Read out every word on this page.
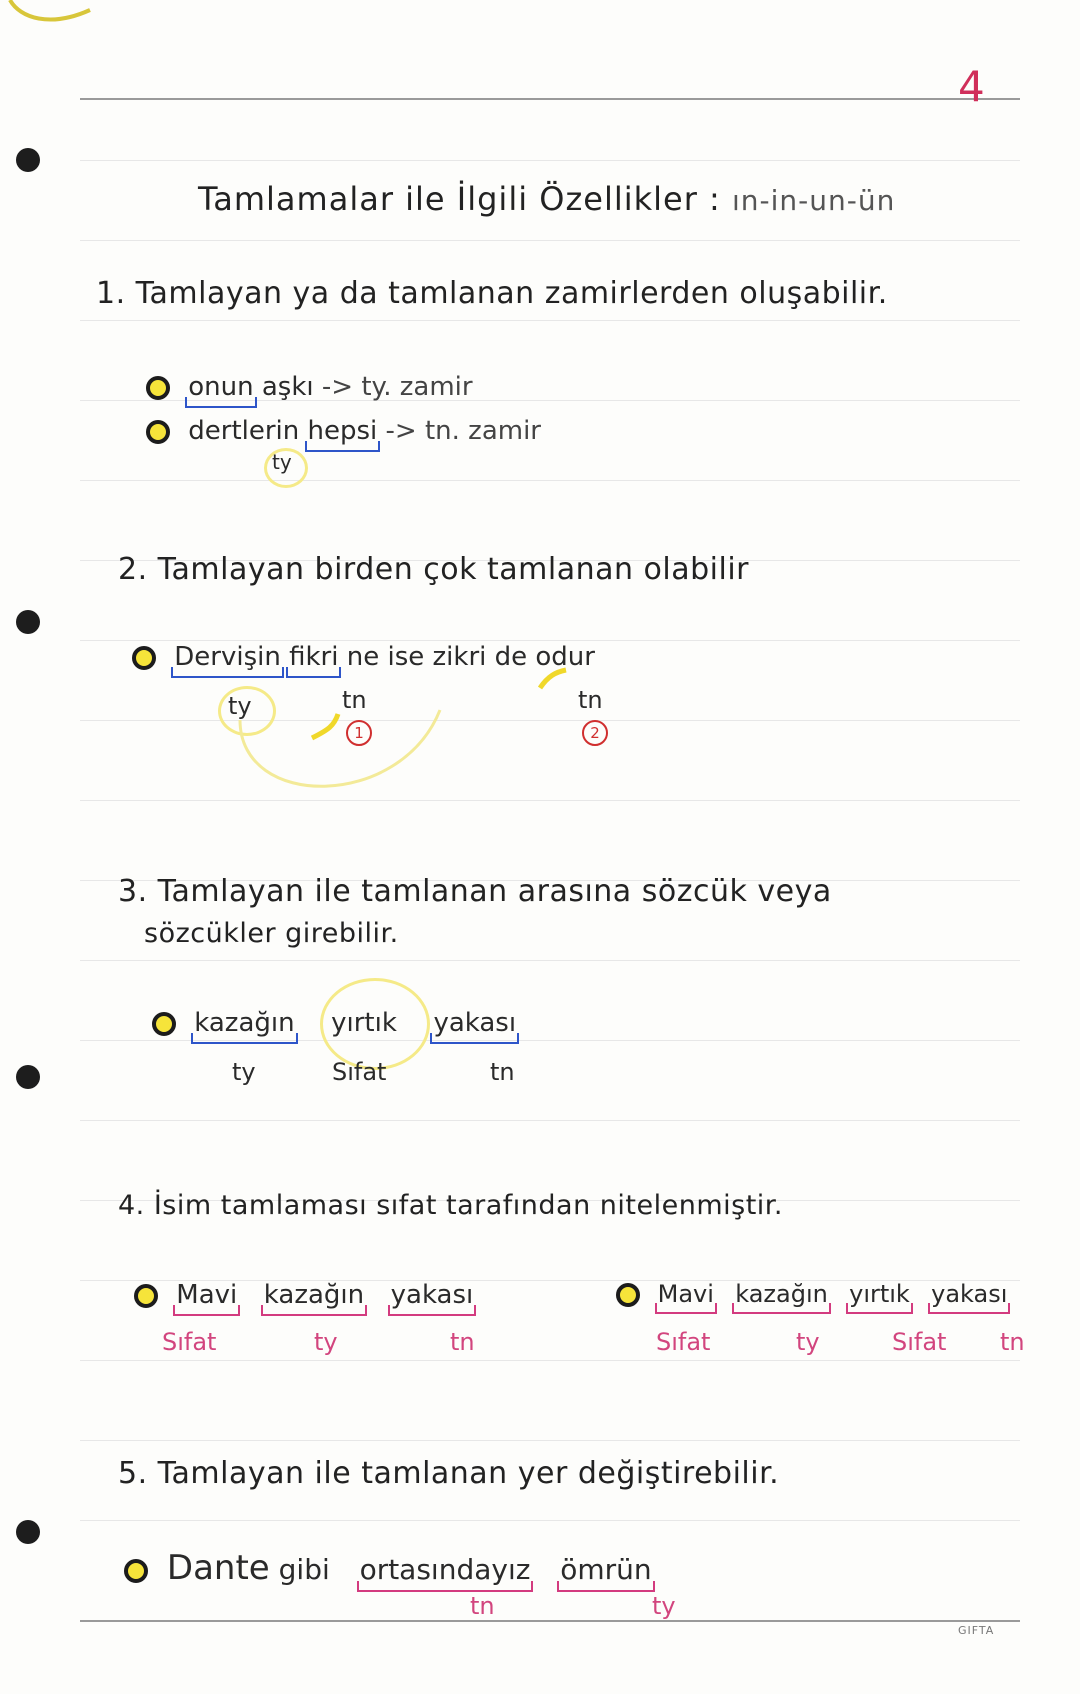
4
Tamlamalar ile İlgili Özellikler : ın-in-un-ün
1. Tamlayan ya da tamlanan zamirlerden oluşabilir.
onun aşkı -> ty. zamir
dertlerin hepsi -> tn. zamir
ty
2. Tamlayan birden çok tamlanan olabilir
Dervişin fikri ne ise zikri de odur
ty	tn
1
tn
2
3. Tamlayan ile tamlanan arasına sözcük veya
sözcükler girebilir.
kazağın yırtık yakası
ty	Sıfat	tn
4. İsim tamlaması sıfat tarafından nitelenmiştir.
Mavi kazağın yakası
Sıfat	ty	tn
Mavi kazağın yırtık yakası
Sıfat	ty	Sıfat tn
5. Tamlayan ile tamlanan yer değiştirebilir.
Dante gibi ortasındayız ömrün
tn	ty
GIFTA
